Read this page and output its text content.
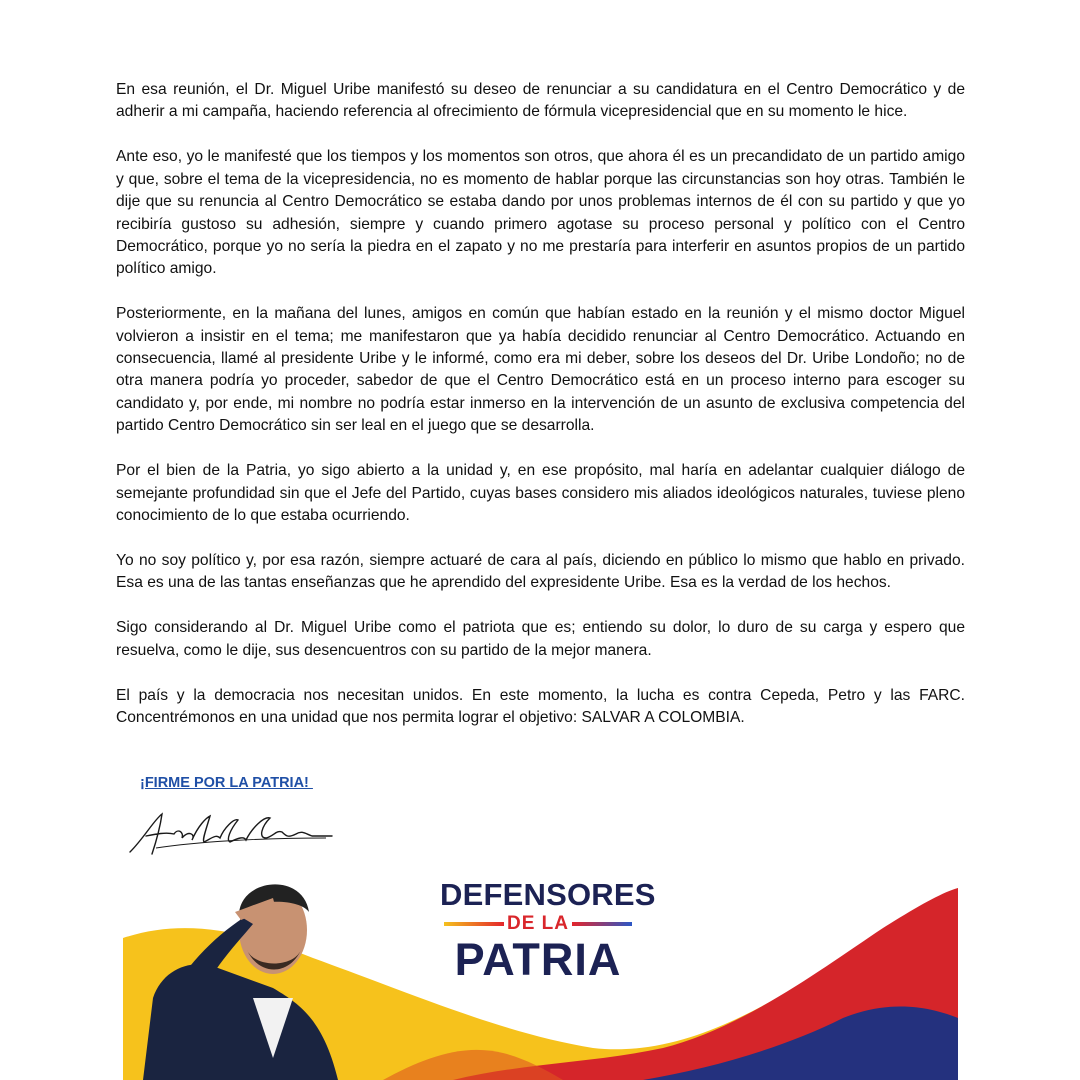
En esa reunión, el Dr. Miguel Uribe manifestó su deseo de renunciar a su candidatura en el Centro Democrático y de adherir a mi campaña, haciendo referencia al ofrecimiento de fórmula vicepresidencial que en su momento le hice.

Ante eso, yo le manifesté que los tiempos y los momentos son otros, que ahora él es un precandidato de un partido amigo y que, sobre el tema de la vicepresidencia, no es momento de hablar porque las circunstancias son hoy otras. También le dije que su renuncia al Centro Democrático se estaba dando por unos problemas internos de él con su partido y que yo recibiría gustoso su adhesión, siempre y cuando primero agotase su proceso personal y político con el Centro Democrático, porque yo no sería la piedra en el zapato y no me prestaría para interferir en asuntos propios de un partido político amigo.

Posteriormente, en la mañana del lunes, amigos en común que habían estado en la reunión y el mismo doctor Miguel volvieron a insistir en el tema; me manifestaron que ya había decidido renunciar al Centro Democrático. Actuando en consecuencia, llamé al presidente Uribe y le informé, como era mi deber, sobre los deseos del Dr. Uribe Londoño; no de otra manera podría yo proceder, sabedor de que el Centro Democrático está en un proceso interno para escoger su candidato y, por ende, mi nombre no podría estar inmerso en la intervención de un asunto de exclusiva competencia del partido Centro Democrático sin ser leal en el juego que se desarrolla.

Por el bien de la Patria, yo sigo abierto a la unidad y, en ese propósito, mal haría en adelantar cualquier diálogo de semejante profundidad sin que el Jefe del Partido, cuyas bases considero mis aliados ideológicos naturales, tuviese pleno conocimiento de lo que estaba ocurriendo.

Yo no soy político y, por esa razón, siempre actuaré de cara al país, diciendo en público lo mismo que hablo en privado. Esa es una de las tantas enseñanzas que he aprendido del expresidente Uribe. Esa es la verdad de los hechos.

Sigo considerando al Dr. Miguel Uribe como el patriota que es; entiendo su dolor, lo duro de su carga y espero que resuelva, como le dije, sus desencuentros con su partido de la mejor manera.

El país y la democracia nos necesitan unidos. En este momento, la lucha es contra Cepeda, Petro y las FARC. Concentrémonos en una unidad que nos permita lograr el objetivo: SALVAR A COLOMBIA.

¡FIRME POR LA PATRIA!
DEFENSORES
DE LA
PATRIA
